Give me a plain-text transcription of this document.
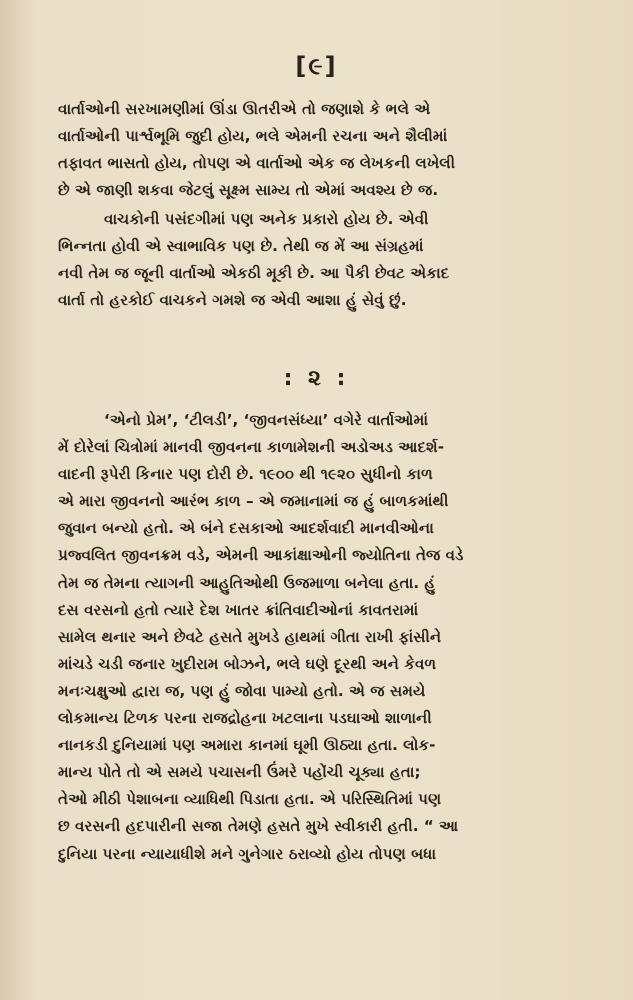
[૯]
વાર્તાઓની સરખામણીમાં ઊંડા ઊતરીએ તો જણાશે કે ભલે એ
વાર્તાઓની પાર્શ્વભૂમિ જુદી હોય, ભલે એમની રચના અને શૈલીમાં
તફાવત ભાસતો હોય, તોપણ એ વાર્તાઓ એક જ લેખકની લખેલી
છે એ જાણી શકવા જેટલું સૂક્ષ્મ સામ્ય તો એમાં અવશ્ય છે જ.
વાચકોની પસંદગીમાં પણ અનેક પ્રકારો હોય છે. એવી
ભિન્નતા હોવી એ સ્વાભાવિક પણ છે. તેથી જ મેં આ સંગ્રહમાં
નવી તેમ જ જૂની વાર્તાઓ એકઠી મૂકી છે. આ પૈકી છેવટ એકાદ
વાર્તા તો હરકોઈ વાચકને ગમશે જ એવી આશા હું સેવું છું.
: ૨ :
‘એનો પ્રેમ’, ‘ટીલડી’, ‘જીવનસંધ્યા’ વગેરે વાર્તાઓમાં
મેં દોરેલાં ચિત્રોમાં માનવી જીવનના કાળામેશની અડોઅડ આદર્શ-
વાદની રૂપેરી કિનાર પણ દોરી છે. ૧૯૦૦ થી ૧૯૨૦ સુધીનો કાળ
એ મારા જીવનનો આરંભ કાળ – એ જમાનામાં જ હું બાળકમાંથી
જુવાન બન્યો હતો. એ બંને દસકાઓ આદર્શવાદી માનવીઓના
પ્રજ્વલિત જીવનક્રમ વડે, એમની આકાંક્ષાઓની જ્યોતિના તેજ વડે
તેમ જ તેમના ત્યાગની આહુતિઓથી ઉજમાળા બનેલા હતા. હું
દસ વરસનો હતો ત્યારે દેશ ખાતર ક્રાંતિવાદીઓનાં કાવતરામાં
સામેલ થનાર અને છેવટે હસતે મુખડે હાથમાં ગીતા રાખી ફાંસીને
માંચડે ચડી જનાર ખુદીરામ બોઝને, ભલે ઘણે દૂરથી અને કેવળ
મનઃચક્ષુઓ દ્વારા જ, પણ હું જોવા પામ્યો હતો. એ જ સમયે
લોકમાન્ય ટિળક પરના રાજદ્રોહના ખટલાના પડઘાઓ શાળાની
નાનકડી દુનિયામાં પણ અમારા કાનમાં ઘૂમી ઊઠ્યા હતા. લોક-
માન્ય પોતે તો એ સમયે પચાસની ઉંમરે પહોંચી ચૂક્યા હતા;
તેઓ મીઠી પેશાબના વ્યાધિથી પિડાતા હતા. એ પરિસ્થિતિમાં પણ
છ વરસની હદપારીની સજા તેમણે હસતે મુખે સ્વીકારી હતી. “ આ
દુનિયા પરના ન્યાયાધીશે મને ગુનેગાર ઠરાવ્યો હોય તોપણ બધા
